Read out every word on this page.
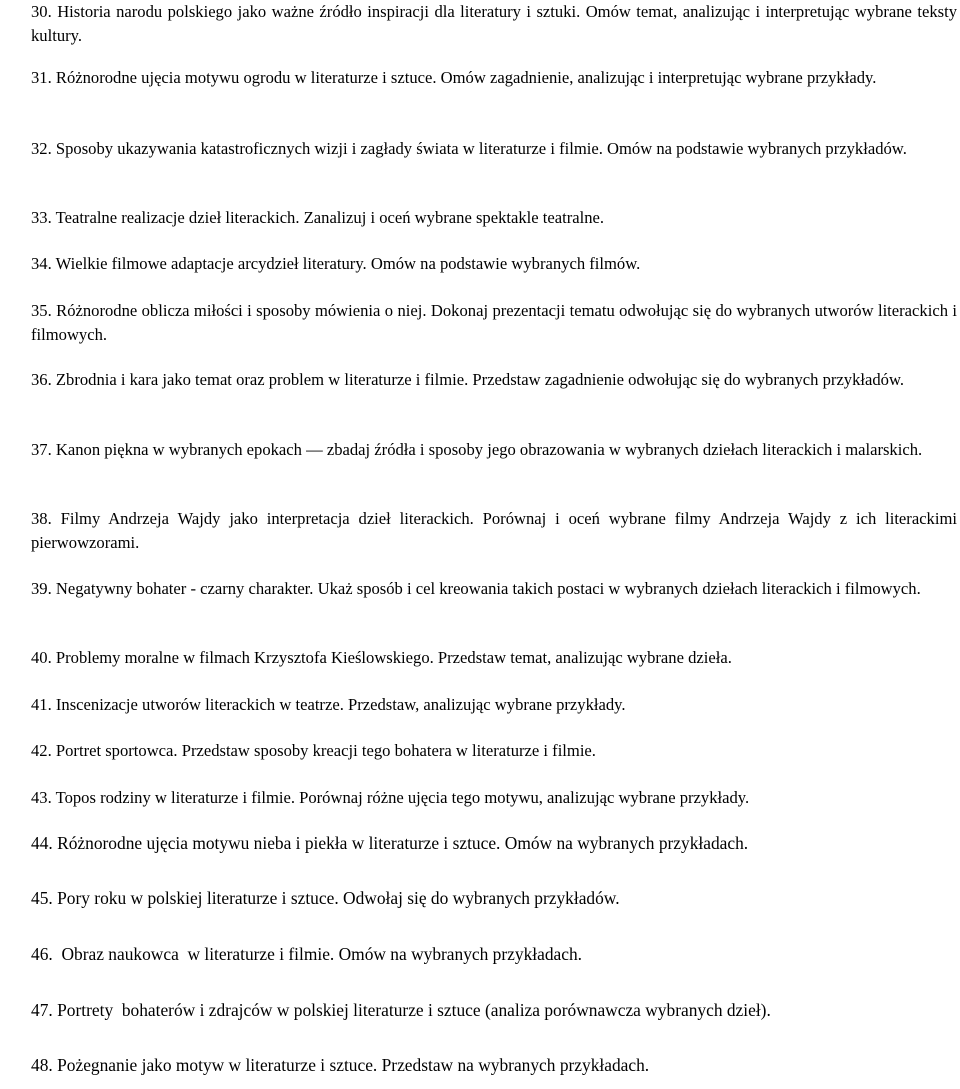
30. Historia narodu polskiego jako ważne źródło inspiracji dla literatury i sztuki. Omów temat, analizując i interpretując wybrane teksty kultury.

31. Różnorodne ujęcia motywu ogrodu w literaturze i sztuce. Omów zagadnienie, analizując i interpretując wybrane przykłady.

32. Sposoby ukazywania katastroficznych wizji i zagłady świata w literaturze i filmie. Omów na podstawie wybranych przykładów.

33. Teatralne realizacje dzieł literackich. Zanalizuj i oceń wybrane spektakle teatralne.

34. Wielkie filmowe adaptacje arcydzieł literatury. Omów na podstawie wybranych filmów.

35. Różnorodne oblicza miłości i sposoby mówienia o niej. Dokonaj prezentacji tematu odwołując się do wybranych utworów literackich i filmowych.

36. Zbrodnia i kara jako temat oraz problem w literaturze i filmie. Przedstaw zagadnienie odwołując się do wybranych przykładów.

37. Kanon piękna w wybranych epokach — zbadaj źródła i sposoby jego obrazowania w wybranych dziełach literackich i malarskich.

38. Filmy Andrzeja Wajdy jako interpretacja dzieł literackich. Porównaj i oceń wybrane filmy Andrzeja Wajdy z ich literackimi pierwowzorami.

39. Negatywny bohater - czarny charakter. Ukaż sposób i cel kreowania takich postaci w wybranych dziełach literackich i filmowych.

40. Problemy moralne w filmach Krzysztofa Kieślowskiego. Przedstaw temat, analizując wybrane dzieła.

41. Inscenizacje utworów literackich w teatrze. Przedstaw, analizując wybrane przykłady.

42. Portret sportowca. Przedstaw sposoby kreacji tego bohatera w literaturze i filmie.

43. Topos rodziny w literaturze i filmie. Porównaj różne ujęcia tego motywu, analizując wybrane przykłady.

44. Różnorodne ujęcia motywu nieba i piekła w literaturze i sztuce. Omów na wybranych przykładach.

45. Pory roku w polskiej literaturze i sztuce. Odwołaj się do wybranych przykładów.

46.  Obraz naukowca  w literaturze i filmie. Omów na wybranych przykładach.

47. Portrety  bohaterów i zdrajców w polskiej literaturze i sztuce (analiza porównawcza wybranych dzieł).

48. Pożegnanie jako motyw w literaturze i sztuce. Przedstaw na wybranych przykładach.
